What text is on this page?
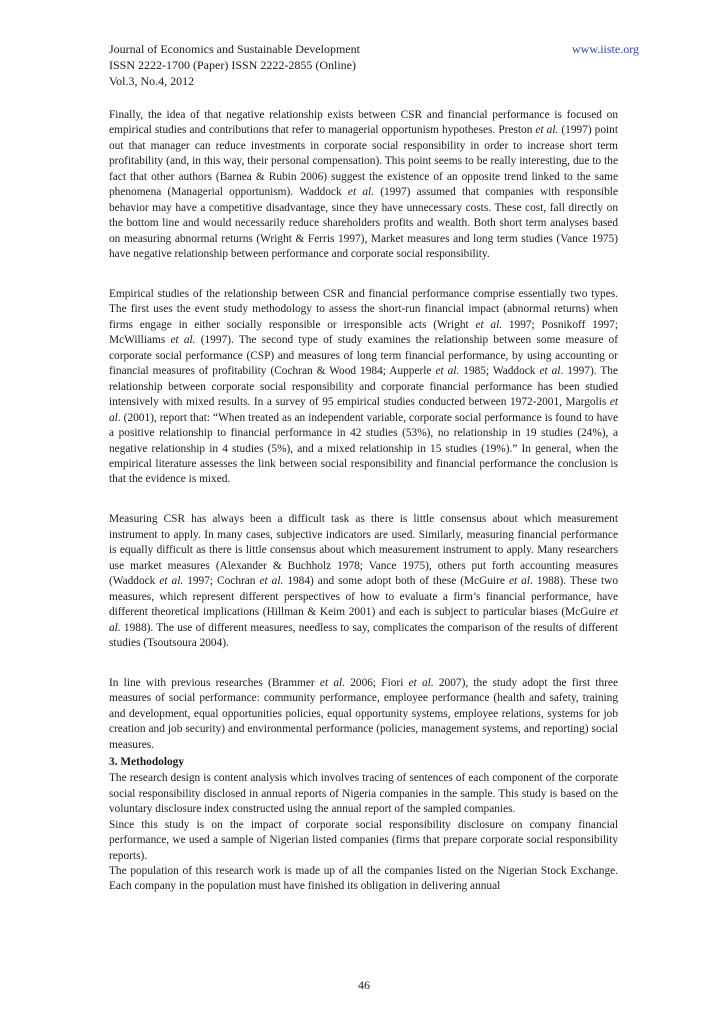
Journal of Economics and Sustainable Development
ISSN 2222-1700 (Paper) ISSN 2222-2855 (Online)
Vol.3, No.4, 2012
www.iiste.org

Finally, the idea of that negative relationship exists between CSR and financial performance is focused on empirical studies and contributions that refer to managerial opportunism hypotheses. Preston et al. (1997) point out that manager can reduce investments in corporate social responsibility in order to increase short term profitability (and, in this way, their personal compensation). This point seems to be really interesting, due to the fact that other authors (Barnea & Rubin 2006) suggest the existence of an opposite trend linked to the same phenomena (Managerial opportunism). Waddock et al. (1997) assumed that companies with responsible behavior may have a competitive disadvantage, since they have unnecessary costs. These cost, fall directly on the bottom line and would necessarily reduce shareholders profits and wealth. Both short term analyses based on measuring abnormal returns (Wright & Ferris 1997), Market measures and long term studies (Vance 1975) have negative relationship between performance and corporate social responsibility.

Empirical studies of the relationship between CSR and financial performance comprise essentially two types. The first uses the event study methodology to assess the short-run financial impact (abnormal returns) when firms engage in either socially responsible or irresponsible acts (Wright et al. 1997; Posnikoff 1997; McWilliams et al. (1997). The second type of study examines the relationship between some measure of corporate social performance (CSP) and measures of long term financial performance, by using accounting or financial measures of profitability (Cochran & Wood 1984; Aupperle et al. 1985; Waddock et al. 1997). The relationship between corporate social responsibility and corporate financial performance has been studied intensively with mixed results. In a survey of 95 empirical studies conducted between 1972-2001, Margolis et al. (2001), report that: “When treated as an independent variable, corporate social performance is found to have a positive relationship to financial performance in 42 studies (53%), no relationship in 19 studies (24%), a negative relationship in 4 studies (5%), and a mixed relationship in 15 studies (19%).” In general, when the empirical literature assesses the link between social responsibility and financial performance the conclusion is that the evidence is mixed.

Measuring CSR has always been a difficult task as there is little consensus about which measurement instrument to apply. In many cases, subjective indicators are used. Similarly, measuring financial performance is equally difficult as there is little consensus about which measurement instrument to apply. Many researchers use market measures (Alexander & Buchholz 1978; Vance 1975), others put forth accounting measures (Waddock et al. 1997; Cochran et al. 1984) and some adopt both of these (McGuire et al. 1988). These two measures, which represent different perspectives of how to evaluate a firm’s financial performance, have different theoretical implications (Hillman & Keim 2001) and each is subject to particular biases (McGuire et al. 1988). The use of different measures, needless to say, complicates the comparison of the results of different studies (Tsoutsoura 2004).

In line with previous researches (Brammer et al. 2006; Fiori et al. 2007), the study adopt the first three measures of social performance: community performance, employee performance (health and safety, training and development, equal opportunities policies, equal opportunity systems, employee relations, systems for job creation and job security) and environmental performance (policies, management systems, and reporting) social measures.

3. Methodology

The research design is content analysis which involves tracing of sentences of each component of the corporate social responsibility disclosed in annual reports of Nigeria companies in the sample. This study is based on the voluntary disclosure index constructed using the annual report of the sampled companies.

Since this study is on the impact of corporate social responsibility disclosure on company financial performance, we used a sample of Nigerian listed companies (firms that prepare corporate social responsibility reports).

The population of this research work is made up of all the companies listed on the Nigerian Stock Exchange. Each company in the population must have finished its obligation in delivering annual

46
